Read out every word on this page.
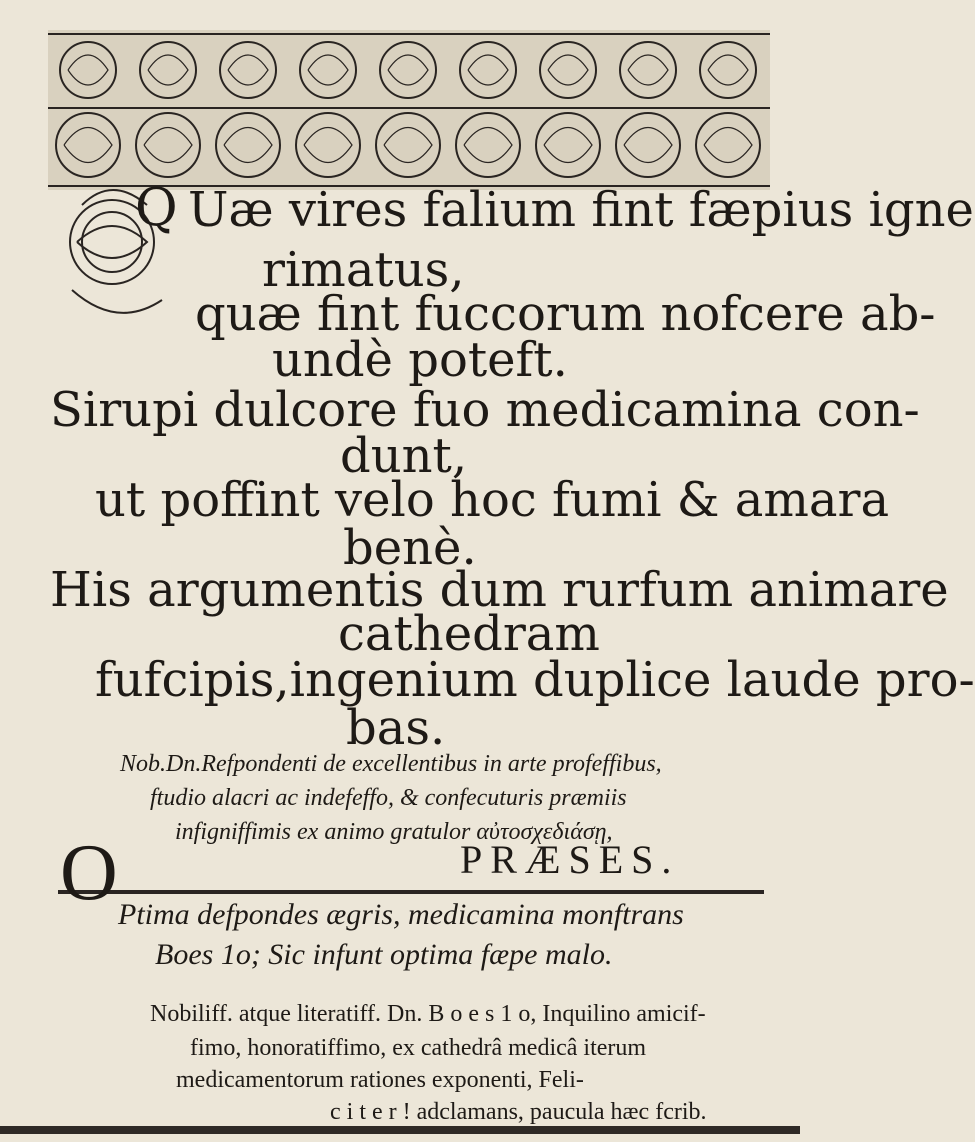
Q Uæ vires falium fint fæpius igne
rimatus,
quæ fint fuccorum nofcere ab-
undè poteft.
Sirupi dulcore fuo medicamina con-
dunt,
ut poffint velo hoc fumi & amara
benè.
His argumentis dum rurfum animare
cathedram
fufcipis,ingenium duplice laude pro-
bas.
Nob.Dn.Refpondenti de excellentibus in arte profeffibus,
ftudio alacri ac indefeffo, & confecuturis præmiis
infigniffimis ex animo gratulor αὐτοσχεδιάσῃ,
PRÆSES.
O Ptima defpondes ægris, medicamina monftrans
Boes 1o; Sic infunt optima fæpe malo.
Nobiliff. atque literatiff. Dn. B o e s 1 o, Inquilino amicif-
fimo, honoratiffimo, ex cathedrâ medicâ iterum
medicamentorum rationes exponenti, Feli-
c i t e r ! adclamans, paucula hæc fcrib.
